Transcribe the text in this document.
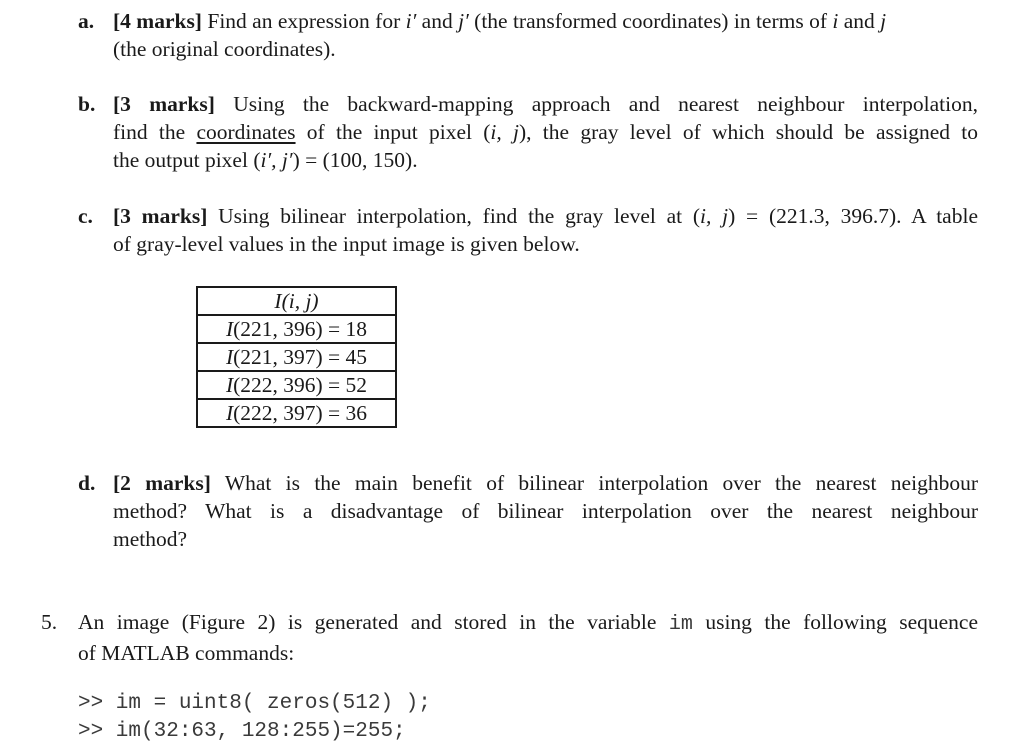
a. [4 marks] Find an expression for i′ and j′ (the transformed coordinates) in terms of i and j
(the original coordinates).
b. [3 marks] Using the backward-mapping approach and nearest neighbour interpolation,
find the coordinates of the input pixel (i, j), the gray level of which should be assigned to
the output pixel (i′, j′) = (100, 150).
c. [3 marks] Using bilinear interpolation, find the gray level at (i, j) = (221.3, 396.7). A table
of gray-level values in the input image is given below.
I(i, j)
I(221, 396) = 18
I(221, 397) = 45
I(222, 396) = 52
I(222, 397) = 36
d. [2 marks] What is the main benefit of bilinear interpolation over the nearest neighbour
method? What is a disadvantage of bilinear interpolation over the nearest neighbour
method?
5. An image (Figure 2) is generated and stored in the variable im using the following sequence
of MATLAB commands:
>> im = uint8( zeros(512) );
>> im(32:63, 128:255)=255;
